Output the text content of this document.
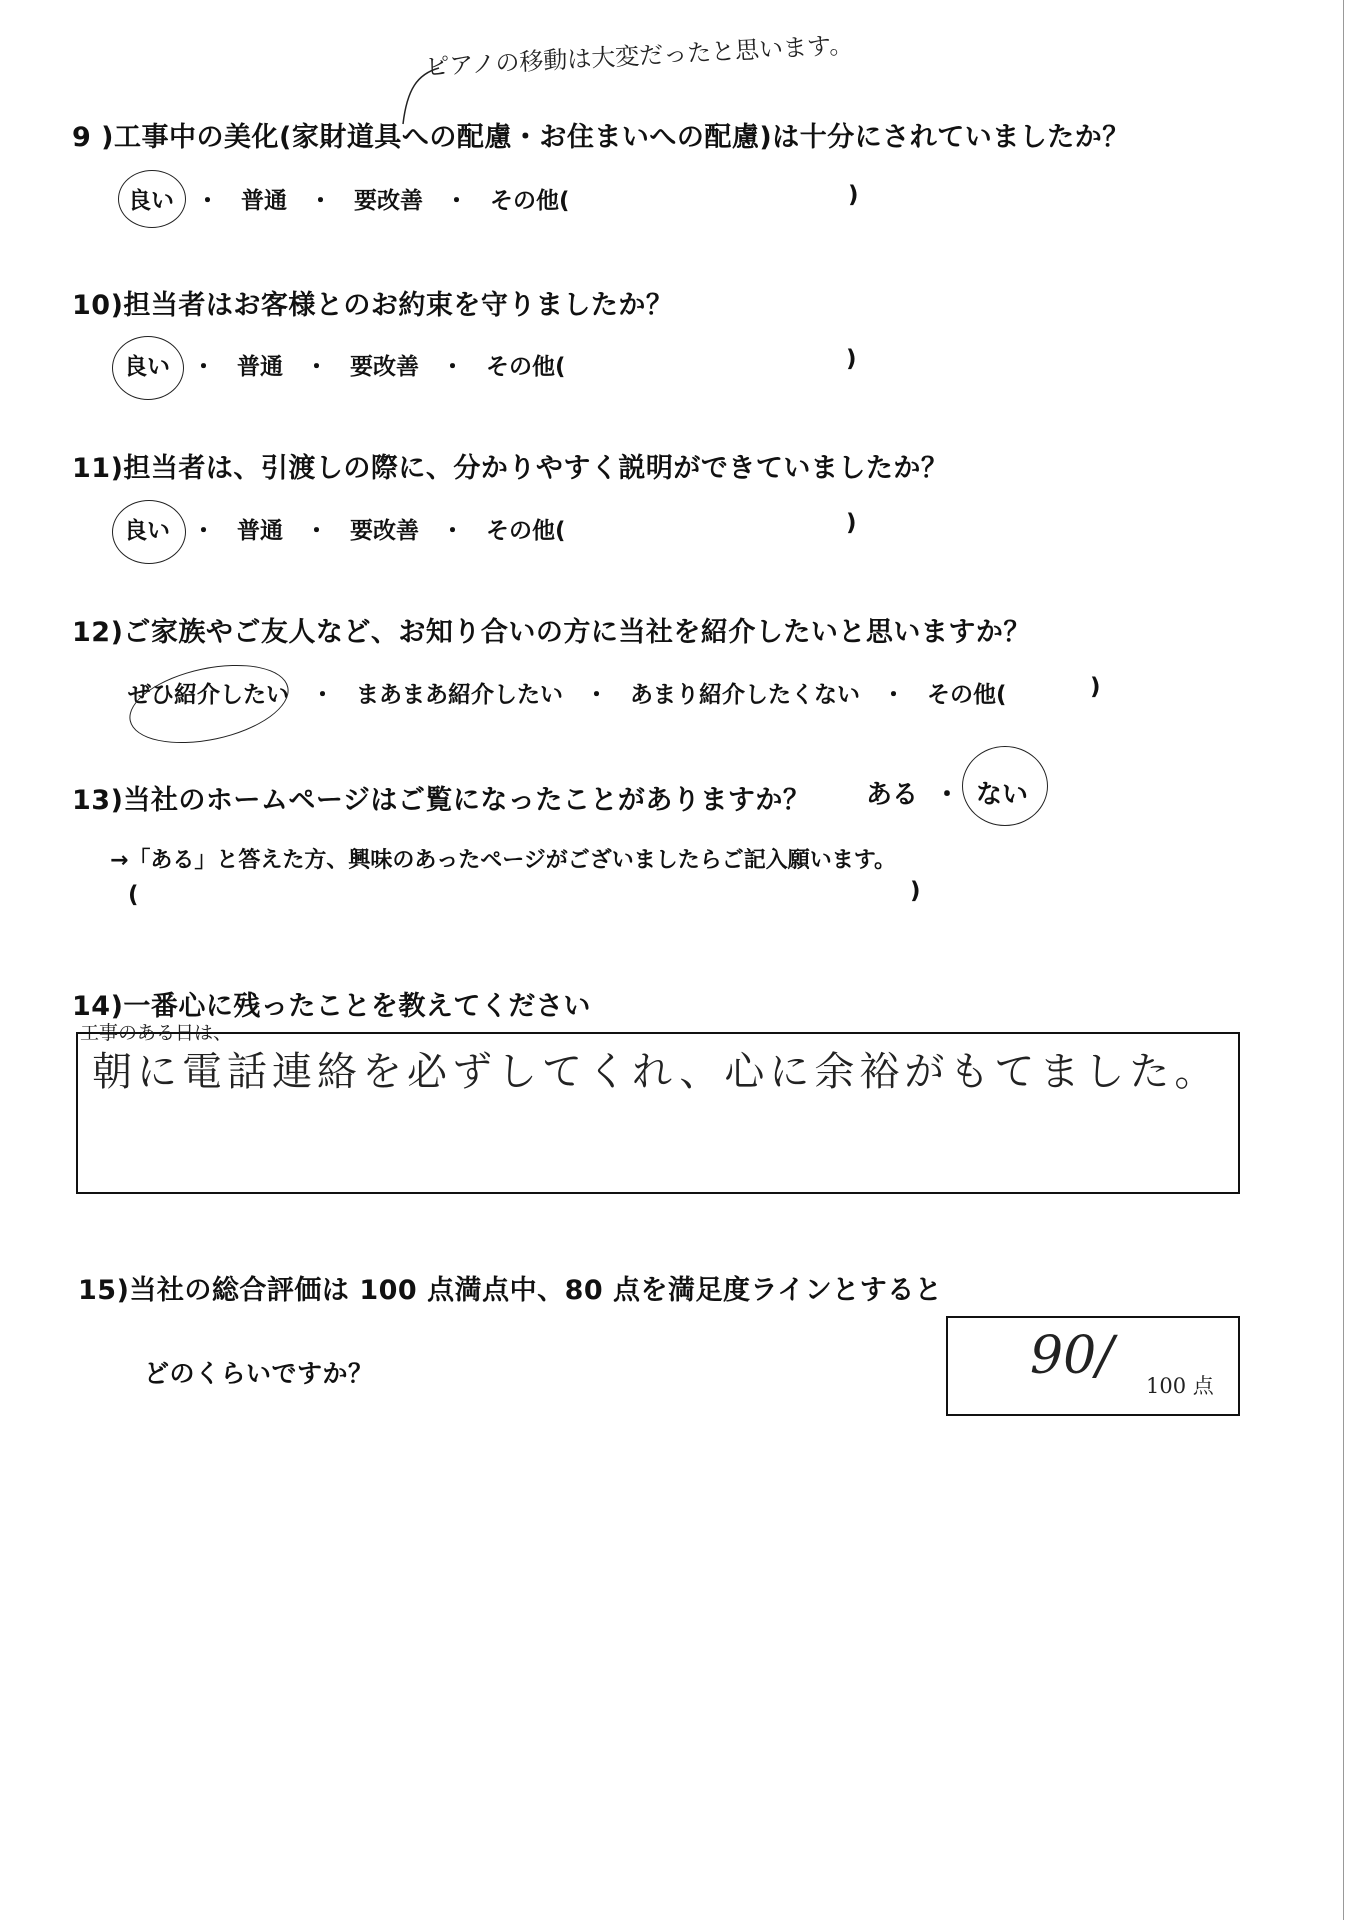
ピアノの移動は大変だったと思います。
9 )工事中の美化(家財道具への配慮・お住まいへの配慮)は十分にされていましたか？
良い ・ 普通 ・ 要改善 ・ その他(	)
10)担当者はお客様とのお約束を守りましたか？
良い ・ 普通 ・ 要改善 ・ その他(	)
11)担当者は、引渡しの際に、分かりやすく説明ができていましたか？
良い ・ 普通 ・ 要改善 ・ その他(	)
12)ご家族やご友人など、お知り合いの方に当社を紹介したいと思いますか？
ぜひ紹介したい ・ まあまあ紹介したい ・ あまり紹介したくない ・ その他(	)
13)当社のホームページはご覧になったことがありますか？ ある ・ ない
→「ある」と答えた方、興味のあったページがございましたらご記入願います。
(	)
14)一番心に残ったことを教えてください
工事のある日は、
朝に電話連絡を必ずしてくれ、心に余裕がもてました。
15)当社の総合評価は 100 点満点中、80 点を満足度ラインとすると
どのくらいですか？	90/ 100 点
